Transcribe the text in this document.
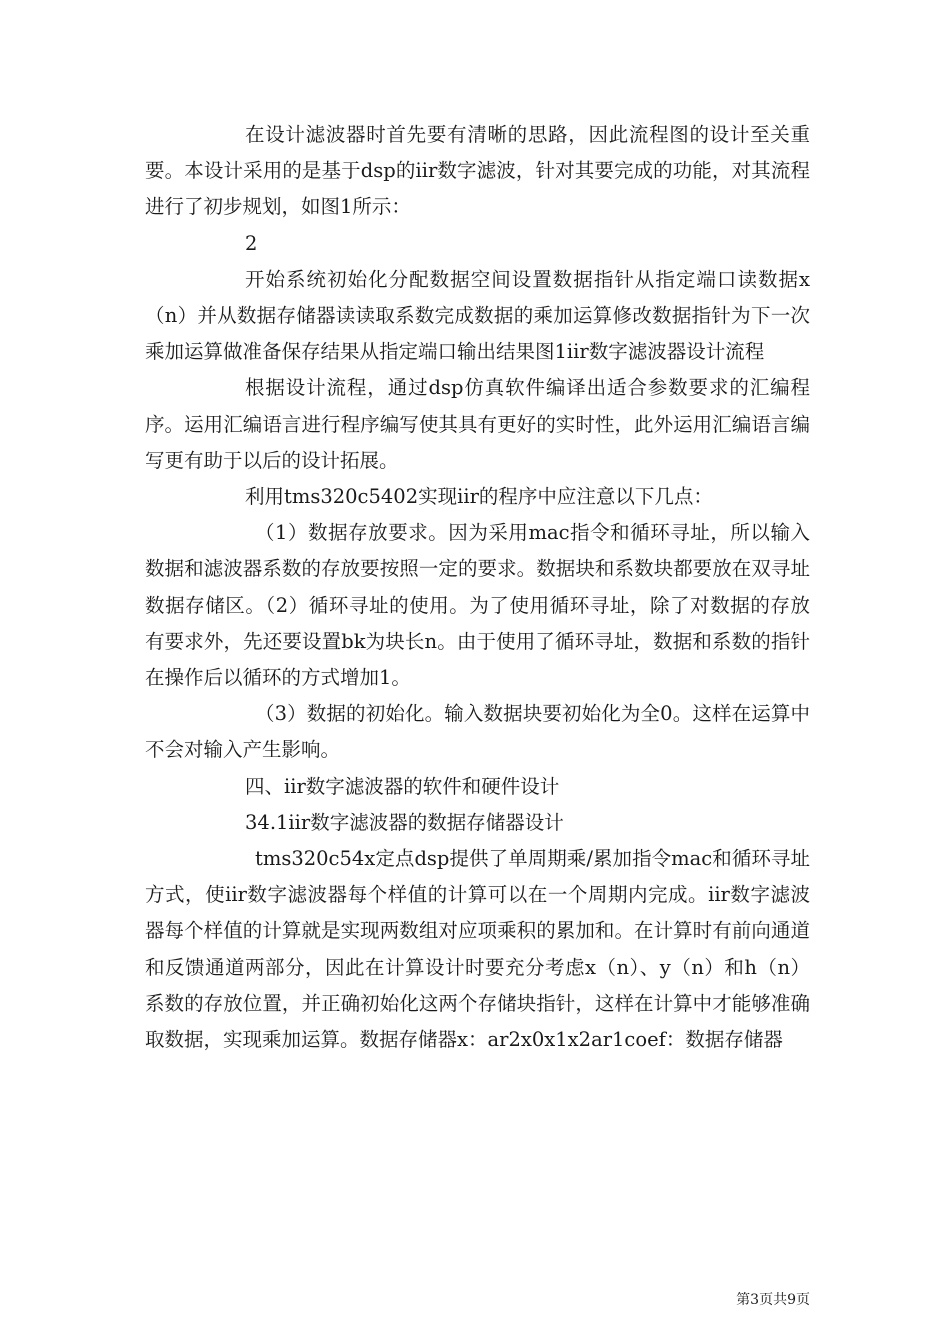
在设计滤波器时首先要有清晰的思路，因此流程图的设计至关重要。本设计采用的是基于dsp的iir数字滤波，针对其要完成的功能，对其流程进行了初步规划，如图1所示：

2

开始系统初始化分配数据空间设置数据指针从指定端口读数据x（n）并从数据存储器读读取系数完成数据的乘加运算修改数据指针为下一次乘加运算做准备保存结果从指定端口输出结果图1iir数字滤波器设计流程

根据设计流程，通过dsp仿真软件编译出适合参数要求的汇编程序。运用汇编语言进行程序编写使其具有更好的实时性，此外运用汇编语言编写更有助于以后的设计拓展。

利用tms320c5402实现iir的程序中应注意以下几点：

（1）数据存放要求。因为采用mac指令和循环寻址，所以输入数据和滤波器系数的存放要按照一定的要求。数据块和系数块都要放在双寻址数据存储区。（2）循环寻址的使用。为了使用循环寻址，除了对数据的存放有要求外，先还要设置bk为块长n。由于使用了循环寻址，数据和系数的指针在操作后以循环的方式增加1。

（3）数据的初始化。输入数据块要初始化为全0。这样在运算中不会对输入产生影响。

四、iir数字滤波器的软件和硬件设计

34.1iir数字滤波器的数据存储器设计

tms320c54x定点dsp提供了单周期乘/累加指令mac和循环寻址方式，使iir数字滤波器每个样值的计算可以在一个周期内完成。iir数字滤波器每个样值的计算就是实现两数组对应项乘积的累加和。在计算时有前向通道和反馈通道两部分，因此在计算设计时要充分考虑x（n）、y（n）和h（n）系数的存放位置，并正确初始化这两个存储块指针，这样在计算中才能够准确取数据，实现乘加运算。数据存储器x：ar2x0x1x2ar1coef：数据存储器

第3页共9页
